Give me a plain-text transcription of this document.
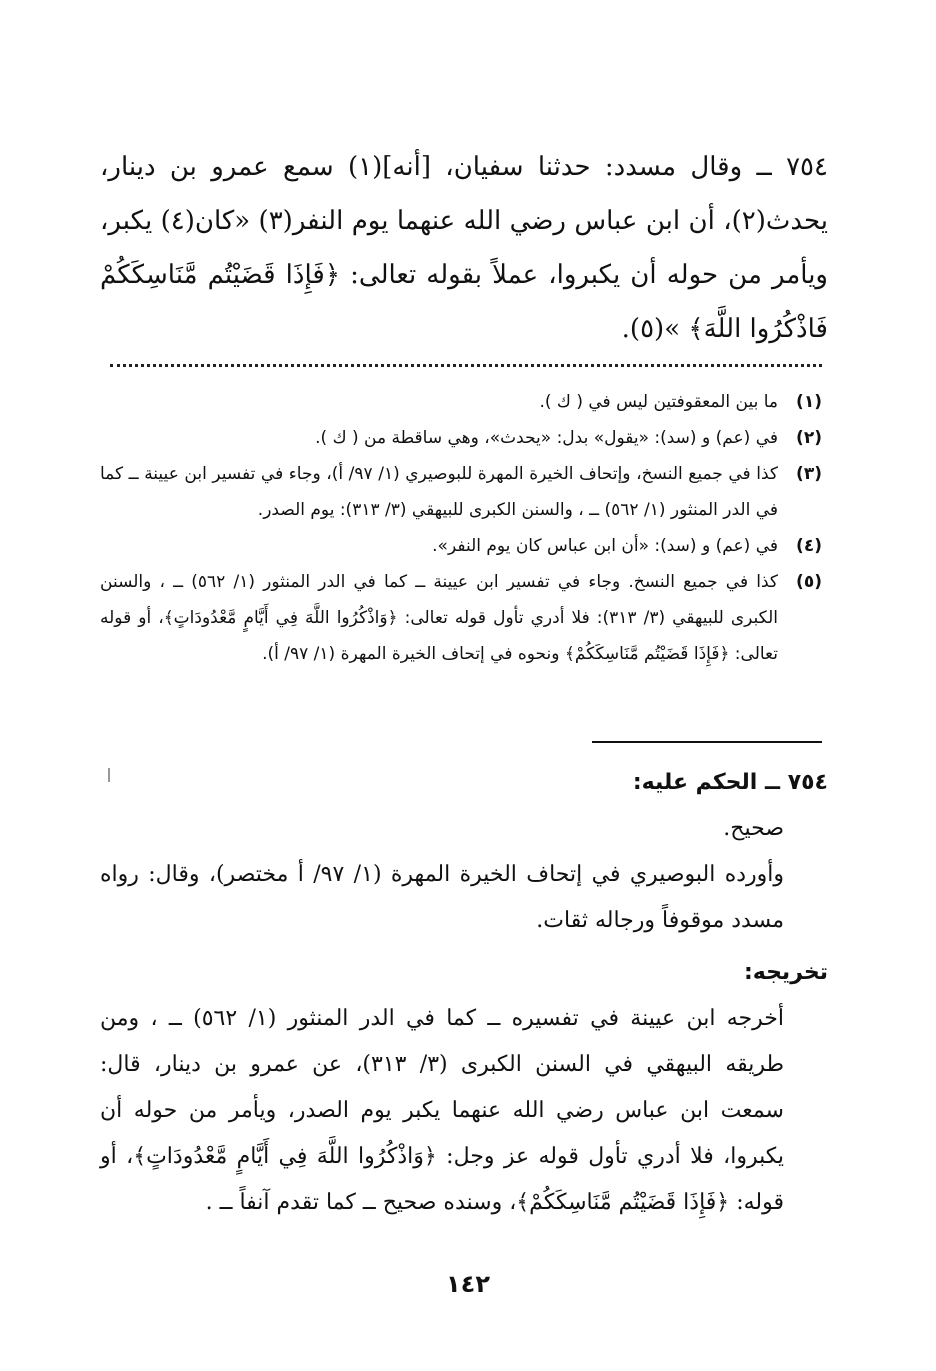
٧٥٤ ــ وقال مسدد: حدثنا سفيان، [أنه](١) سمع عمرو بن دينار، يحدث(٢)، أن ابن عباس رضي الله عنهما يوم النفر(٣) «كان(٤) يكبر، ويأمر من حوله أن يكبروا، عملاً بقوله تعالى: ﴿فَإِذَا قَضَيْتُم مَّنَاسِكَكُمْ فَاذْكُرُوا اللَّهَ﴾ »(٥).
(١)
ما بين المعقوفتين ليس في ( ك ).
(٢)
في (عم) و (سد): «يقول» بدل: «يحدث»، وهي ساقطة من ( ك ).
(٣)
كذا في جميع النسخ، وإتحاف الخيرة المهرة للبوصيري (١/ ٩٧/ أ)، وجاء في تفسير ابن عيينة ــ كما في الدر المنثور (١/ ٥٦٢) ــ ، والسنن الكبرى للبيهقي (٣/ ٣١٣): يوم الصدر.
(٤)
في (عم) و (سد): «أن ابن عباس كان يوم النفر».
(٥)
كذا في جميع النسخ. وجاء في تفسير ابن عيينة ــ كما في الدر المنثور (١/ ٥٦٢) ــ ، والسنن الكبرى للبيهقي (٣/ ٣١٣): فلا أدري تأول قوله تعالى: ﴿وَاذْكُرُوا اللَّهَ فِي أَيَّامٍ مَّعْدُودَاتٍ﴾، أو قوله تعالى: ﴿فَإِذَا قَضَيْتُم مَّنَاسِكَكُمْ﴾ ونحوه في إتحاف الخيرة المهرة (١/ ٩٧/ أ).
٧٥٤ ــ الحكم عليه:

صحيح.

وأورده البوصيري في إتحاف الخيرة المهرة (١/ ٩٧/ أ مختصر)، وقال: رواه مسدد موقوفاً ورجاله ثقات.

تخريجه:

أخرجه ابن عيينة في تفسيره ــ كما في الدر المنثور (١/ ٥٦٢) ــ ، ومن طريقه البيهقي في السنن الكبرى (٣/ ٣١٣)، عن عمرو بن دينار، قال: سمعت ابن عباس رضي الله عنهما يكبر يوم الصدر، ويأمر من حوله أن يكبروا، فلا أدري تأول قوله عز وجل: ﴿وَاذْكُرُوا اللَّهَ فِي أَيَّامٍ مَّعْدُودَاتٍ﴾، أو قوله: ﴿فَإِذَا قَضَيْتُم مَّنَاسِكَكُمْ﴾، وسنده صحيح ــ كما تقدم آنفاً ــ .

١٤٢
